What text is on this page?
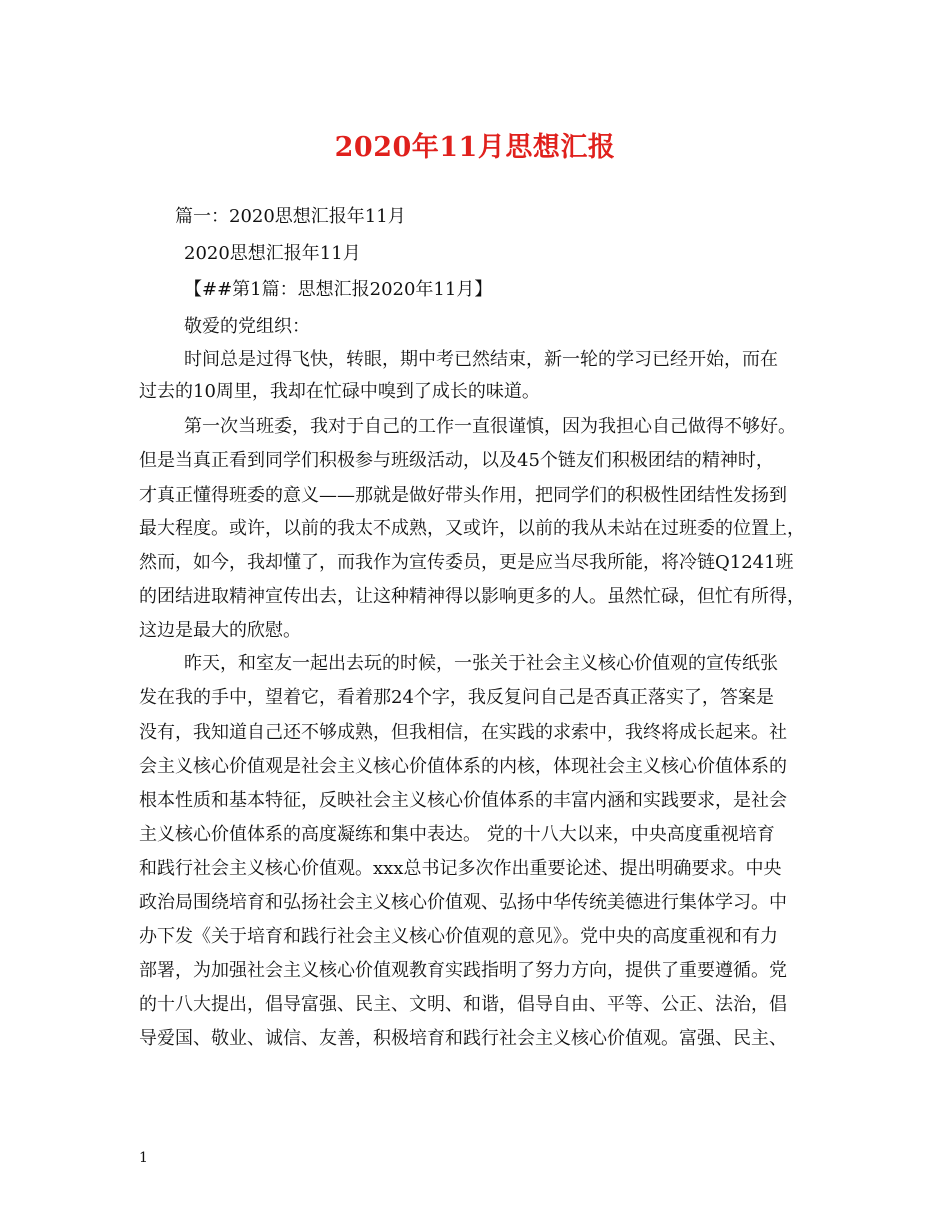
2020年11月思想汇报
篇一：2020思想汇报年11月
2020思想汇报年11月
【##第1篇：思想汇报2020年11月】
敬爱的党组织：
时间总是过得飞快，转眼，期中考已然结束，新一轮的学习已经开始，而在
过去的10周里，我却在忙碌中嗅到了成长的味道。
第一次当班委，我对于自己的工作一直很谨慎，因为我担心自己做得不够好。
但是当真正看到同学们积极参与班级活动，以及45个链友们积极团结的精神时，
才真正懂得班委的意义——那就是做好带头作用，把同学们的积极性团结性发扬到
最大程度。或许，以前的我太不成熟，又或许，以前的我从未站在过班委的位置上，
然而，如今，我却懂了，而我作为宣传委员，更是应当尽我所能，将冷链Q1241班
的团结进取精神宣传出去，让这种精神得以影响更多的人。虽然忙碌，但忙有所得，
这边是最大的欣慰。
昨天，和室友一起出去玩的时候，一张关于社会主义核心价值观的宣传纸张
发在我的手中，望着它，看着那24个字，我反复问自己是否真正落实了，答案是
没有，我知道自己还不够成熟，但我相信，在实践的求索中，我终将成长起来。社
会主义核心价值观是社会主义核心价值体系的内核，体现社会主义核心价值体系的
根本性质和基本特征，反映社会主义核心价值体系的丰富内涵和实践要求，是社会
主义核心价值体系的高度凝练和集中表达。 党的十八大以来，中央高度重视培育
和践行社会主义核心价值观。xxx总书记多次作出重要论述、提出明确要求。中央
政治局围绕培育和弘扬社会主义核心价值观、弘扬中华传统美德进行集体学习。中
办下发《关于培育和践行社会主义核心价值观的意见》。党中央的高度重视和有力
部署，为加强社会主义核心价值观教育实践指明了努力方向，提供了重要遵循。党
的十八大提出，倡导富强、民主、文明、和谐，倡导自由、平等、公正、法治，倡
导爱国、敬业、诚信、友善，积极培育和践行社会主义核心价值观。富强、民主、
1
